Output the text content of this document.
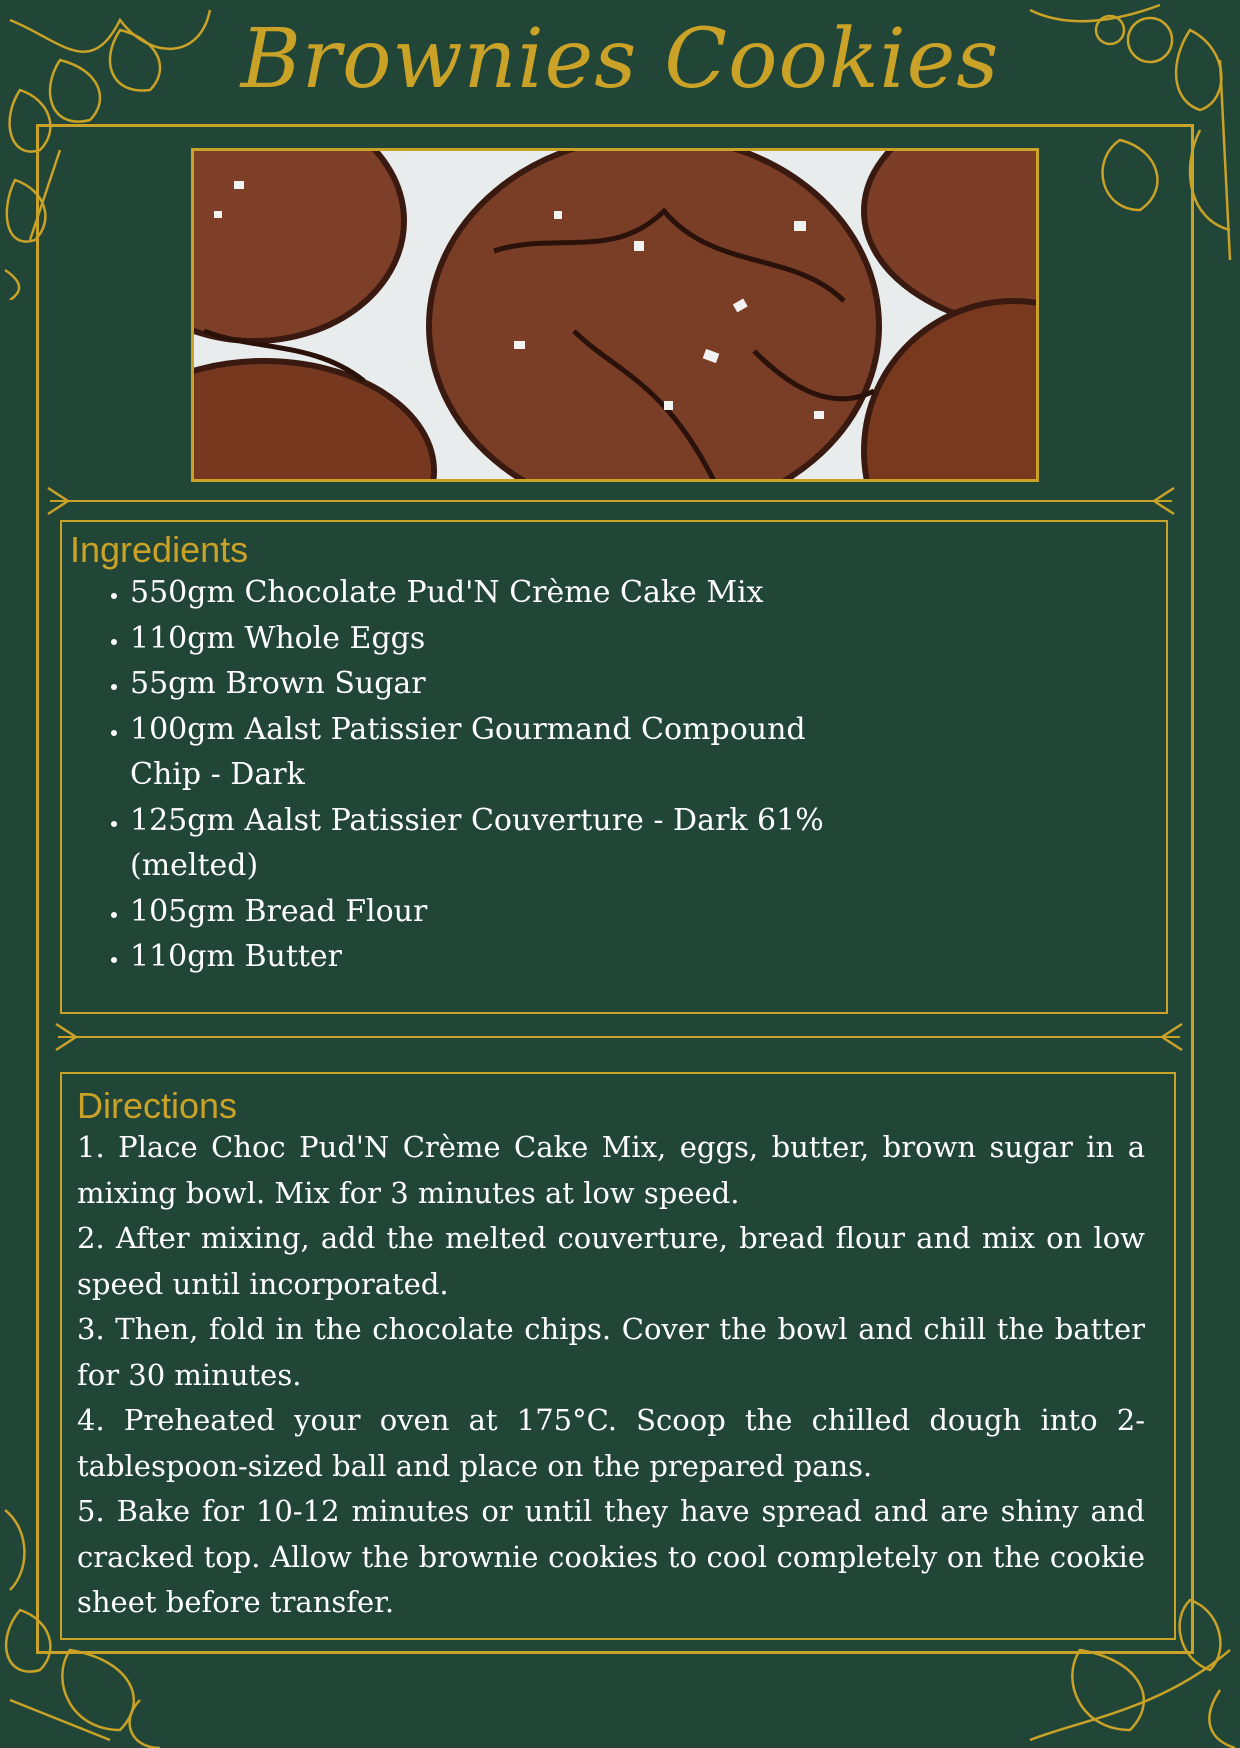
Brownies Cookies
Ingredients
• 550gm Chocolate Pud'N Crème Cake Mix
• 110gm Whole Eggs
• 55gm Brown Sugar
• 100gm Aalst Patissier Gourmand Compound Chip - Dark
• 125gm Aalst Patissier Couverture - Dark 61% (melted)
• 105gm Bread Flour
• 110gm Butter
Directions

1. Place Choc Pud'N Crème Cake Mix, eggs, butter, brown sugar in a mixing bowl. Mix for 3 minutes at low speed.

2. After mixing, add the melted couverture, bread flour and mix on low speed until incorporated.

3. Then, fold in the chocolate chips. Cover the bowl and chill the batter for 30 minutes.

4. Preheated your oven at 175°C. Scoop the chilled dough into 2-tablespoon-sized ball and place on the prepared pans.

5. Bake for 10-12 minutes or until they have spread and are shiny and cracked top. Allow the brownie cookies to cool completely on the cookie sheet before transfer.
